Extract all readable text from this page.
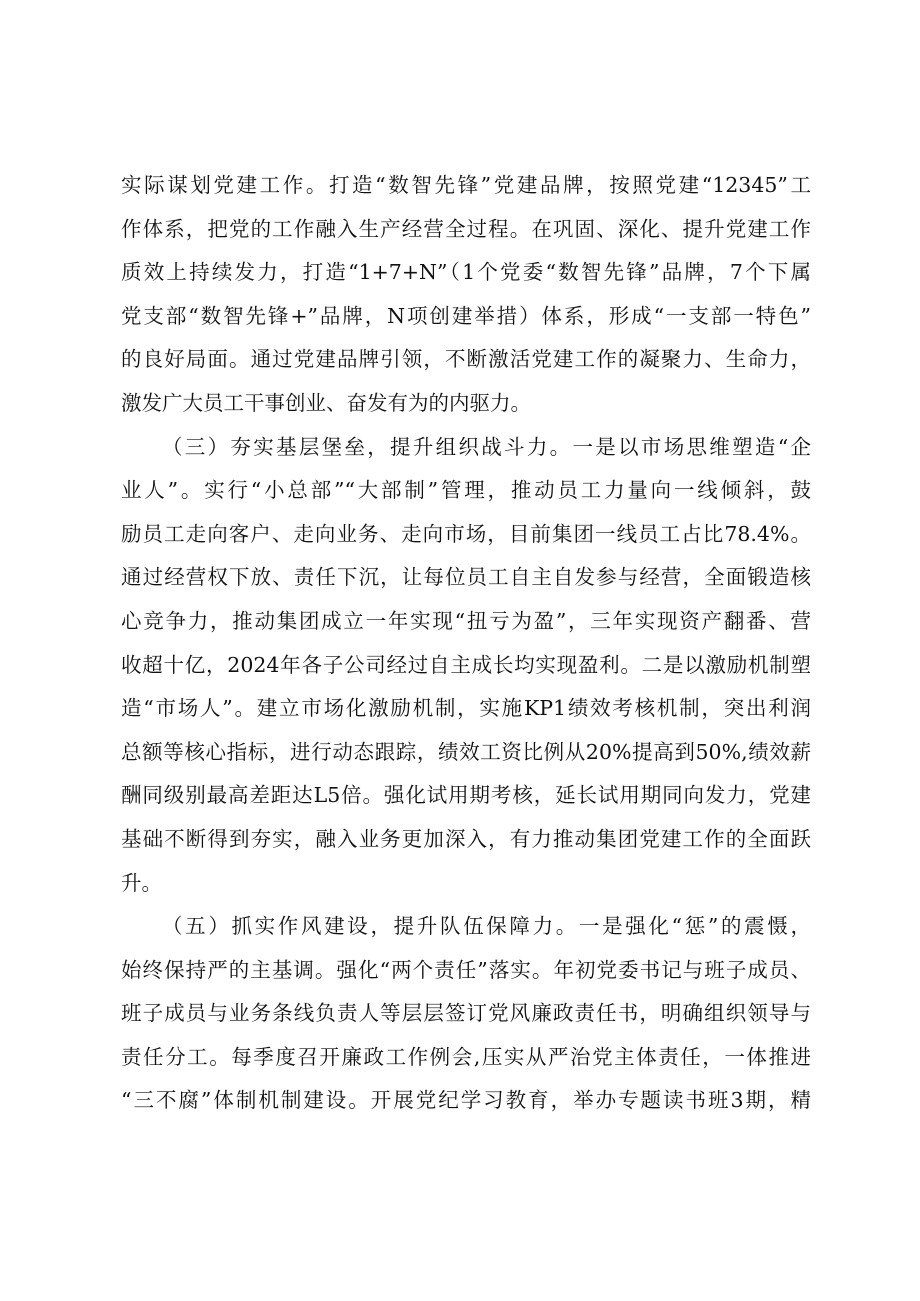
实际谋划党建工作。打造“数智先锋”党建品牌，按照党建“12345”工
作体系，把党的工作融入生产经营全过程。在巩固、深化、提升党建工作
质效上持续发力，打造“1+7+N”（1个党委“数智先锋”品牌，7个下属
党支部“数智先锋+”品牌，N项创建举措）体系，形成“一支部一特色”
的良好局面。通过党建品牌引领，不断激活党建工作的凝聚力、生命力，
激发广大员工干事创业、奋发有为的内驱力。
（三）夯实基层堡垒，提升组织战斗力。一是以市场思维塑造“企
业人”。实行“小总部”“大部制”管理，推动员工力量向一线倾斜，鼓
励员工走向客户、走向业务、走向市场，目前集团一线员工占比78.4%。
通过经营权下放、责任下沉，让每位员工自主自发参与经营，全面锻造核
心竞争力，推动集团成立一年实现“扭亏为盈”，三年实现资产翻番、营
收超十亿，2024年各子公司经过自主成长均实现盈利。二是以激励机制塑
造“市场人”。建立市场化激励机制，实施KP1绩效考核机制，突出利润
总额等核心指标，进行动态跟踪，绩效工资比例从20%提高到50%,绩效薪
酬同级别最高差距达L5倍。强化试用期考核，延长试用期同向发力，党建
基础不断得到夯实，融入业务更加深入，有力推动集团党建工作的全面跃
升。
（五）抓实作风建设，提升队伍保障力。一是强化“惩”的震慑，
始终保持严的主基调。强化“两个责任”落实。年初党委书记与班子成员、
班子成员与业务条线负责人等层层签订党风廉政责任书，明确组织领导与
责任分工。每季度召开廉政工作例会,压实从严治党主体责任，一体推进
“三不腐”体制机制建设。开展党纪学习教育，举办专题读书班3期，精
